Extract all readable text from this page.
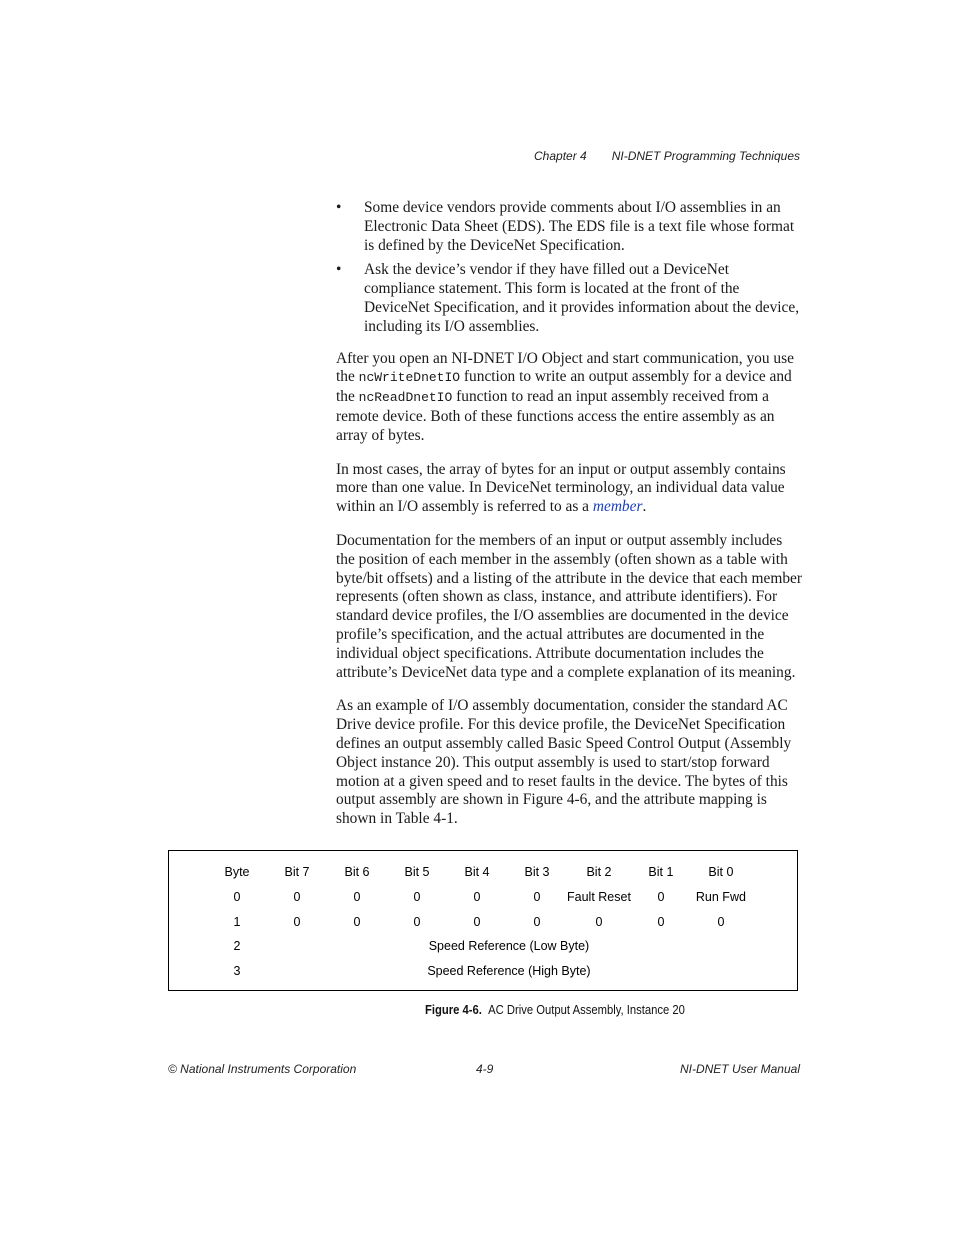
Chapter 4 NI-DNET Programming Techniques
• Some device vendors provide comments about I/O assemblies in an Electronic Data Sheet (EDS). The EDS file is a text file whose format is defined by the DeviceNet Specification.
• Ask the device’s vendor if they have filled out a DeviceNet compliance statement. This form is located at the front of the DeviceNet Specification, and it provides information about the device, including its I/O assemblies.

After you open an NI-DNET I/O Object and start communication, you use the ncWriteDnetIO function to write an output assembly for a device and the ncReadDnetIO function to read an input assembly received from a remote device. Both of these functions access the entire assembly as an array of bytes.

In most cases, the array of bytes for an input or output assembly contains more than one value. In DeviceNet terminology, an individual data value within an I/O assembly is referred to as a member.

Documentation for the members of an input or output assembly includes the position of each member in the assembly (often shown as a table with byte/bit offsets) and a listing of the attribute in the device that each member represents (often shown as class, instance, and attribute identifiers). For standard device profiles, the I/O assemblies are documented in the device profile’s specification, and the actual attributes are documented in the individual object specifications. Attribute documentation includes the attribute’s DeviceNet data type and a complete explanation of its meaning.

As an example of I/O assembly documentation, consider the standard AC Drive device profile. For this device profile, the DeviceNet Specification defines an output assembly called Basic Speed Control Output (Assembly Object instance 20). This output assembly is used to start/stop forward motion at a given speed and to reset faults in the device. The bytes of this output assembly are shown in Figure 4-6, and the attribute mapping is shown in Table 4-1.

Byte	Bit 7	Bit 6	Bit 5	Bit 4	Bit 3	Bit 2	Bit 1	Bit 0
0	0	0	0	0	0	Fault Reset	0	Run Fwd
1	0	0	0	0	0	0	0	0
2	Speed Reference (Low Byte)							
3	Speed Reference (High Byte)							
Figure 4-6. AC Drive Output Assembly, Instance 20
© National Instruments Corporation	4-9	NI-DNET User Manual
